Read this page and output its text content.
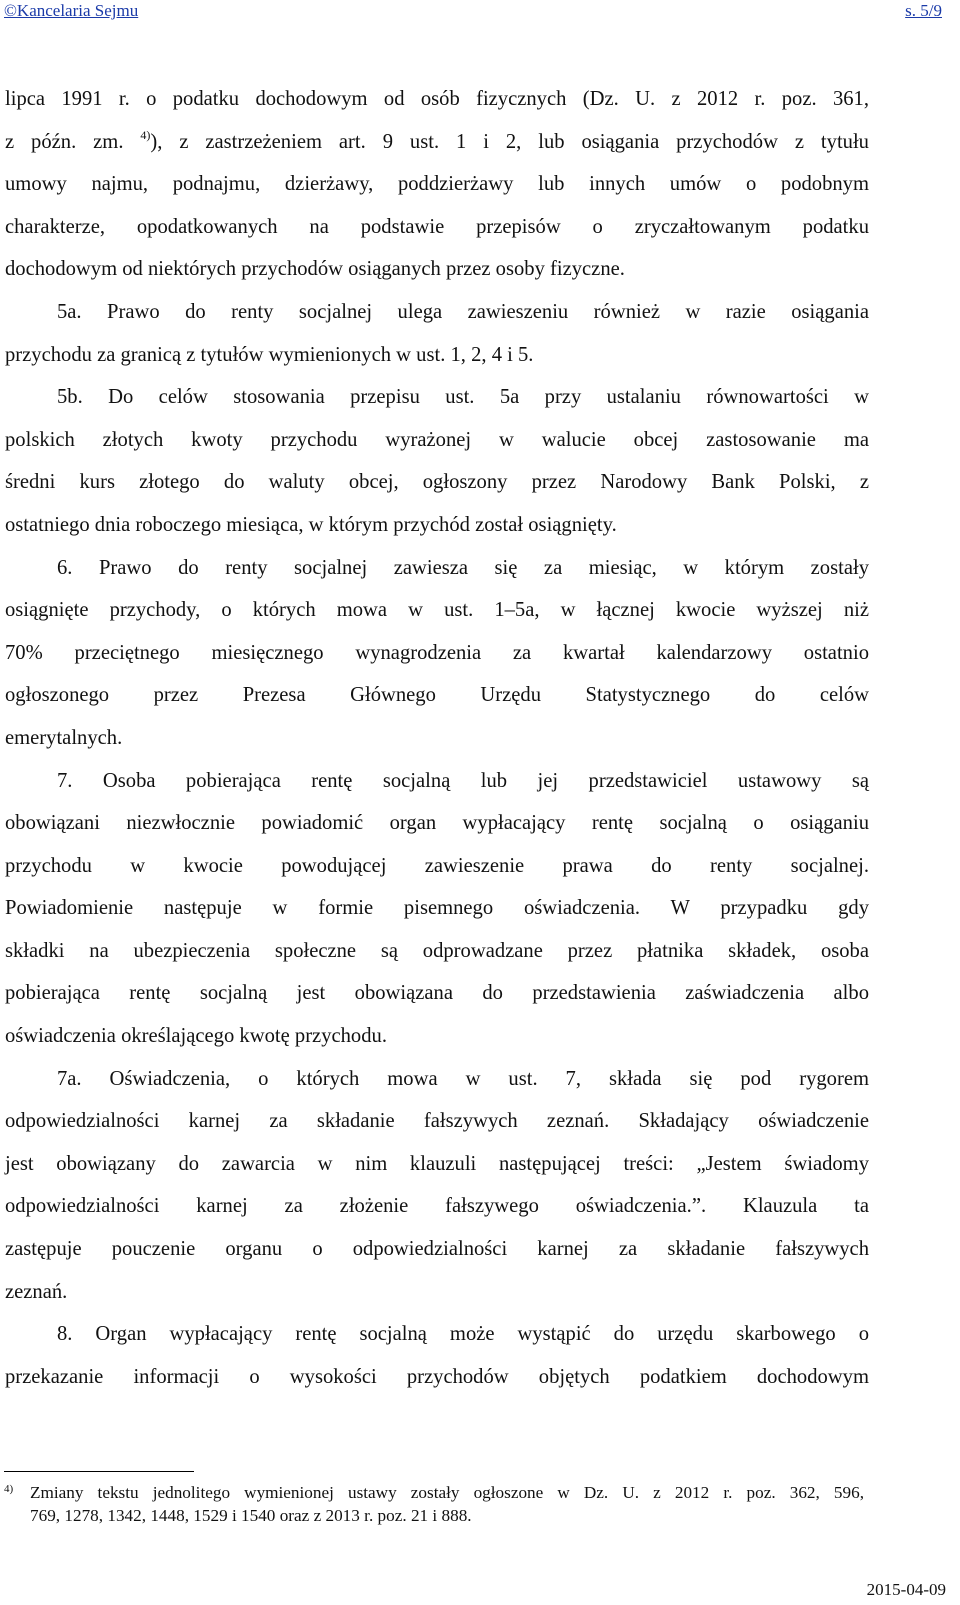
©Kancelaria Sejmu	s. 5/9
lipca 1991 r. o podatku dochodowym od osób fizycznych (Dz. U. z 2012 r. poz. 361,
z późn. zm. $^{4)}$), z zastrzeżeniem art. 9 ust. 1 i 2, lub osiągania przychodów z tytułu
umowy najmu, podnajmu, dzierżawy, poddzierżawy lub innych umów o podobnym
charakterze, opodatkowanych na podstawie przepisów o zryczałtowanym podatku
dochodowym od niektórych przychodów osiąganych przez osoby fizyczne.
5a. Prawo do renty socjalnej ulega zawieszeniu również w razie osiągania
przychodu za granicą z tytułów wymienionych w ust. 1, 2, 4 i 5.
5b. Do celów stosowania przepisu ust. 5a przy ustalaniu równowartości w
polskich złotych kwoty przychodu wyrażonej w walucie obcej zastosowanie ma
średni kurs złotego do waluty obcej, ogłoszony przez Narodowy Bank Polski, z
ostatniego dnia roboczego miesiąca, w którym przychód został osiągnięty.
6. Prawo do renty socjalnej zawiesza się za miesiąc, w którym zostały
osiągnięte przychody, o których mowa w ust. 1–5a, w łącznej kwocie wyższej niż
70% przeciętnego miesięcznego wynagrodzenia za kwartał kalendarzowy ostatnio
ogłoszonego przez Prezesa Głównego Urzędu Statystycznego do celów
emerytalnych.
7. Osoba pobierająca rentę socjalną lub jej przedstawiciel ustawowy są
obowiązani niezwłocznie powiadomić organ wypłacający rentę socjalną o osiąganiu
przychodu w kwocie powodującej zawieszenie prawa do renty socjalnej.
Powiadomienie następuje w formie pisemnego oświadczenia. W przypadku gdy
składki na ubezpieczenia społeczne są odprowadzane przez płatnika składek, osoba
pobierająca rentę socjalną jest obowiązana do przedstawienia zaświadczenia albo
oświadczenia określającego kwotę przychodu.
7a. Oświadczenia, o których mowa w ust. 7, składa się pod rygorem
odpowiedzialności karnej za składanie fałszywych zeznań. Składający oświadczenie
jest obowiązany do zawarcia w nim klauzuli następującej treści: „Jestem świadomy
odpowiedzialności karnej za złożenie fałszywego oświadczenia.”. Klauzula ta
zastępuje pouczenie organu o odpowiedzialności karnej za składanie fałszywych
zeznań.
8. Organ wypłacający rentę socjalną może wystąpić do urzędu skarbowego o
przekazanie informacji o wysokości przychodów objętych podatkiem dochodowym
4) Zmiany tekstu jednolitego wymienionej ustawy zostały ogłoszone w Dz. U. z 2012 r. poz. 362, 596,
769, 1278, 1342, 1448, 1529 i 1540 oraz z 2013 r. poz. 21 i 888.
2015-04-09
